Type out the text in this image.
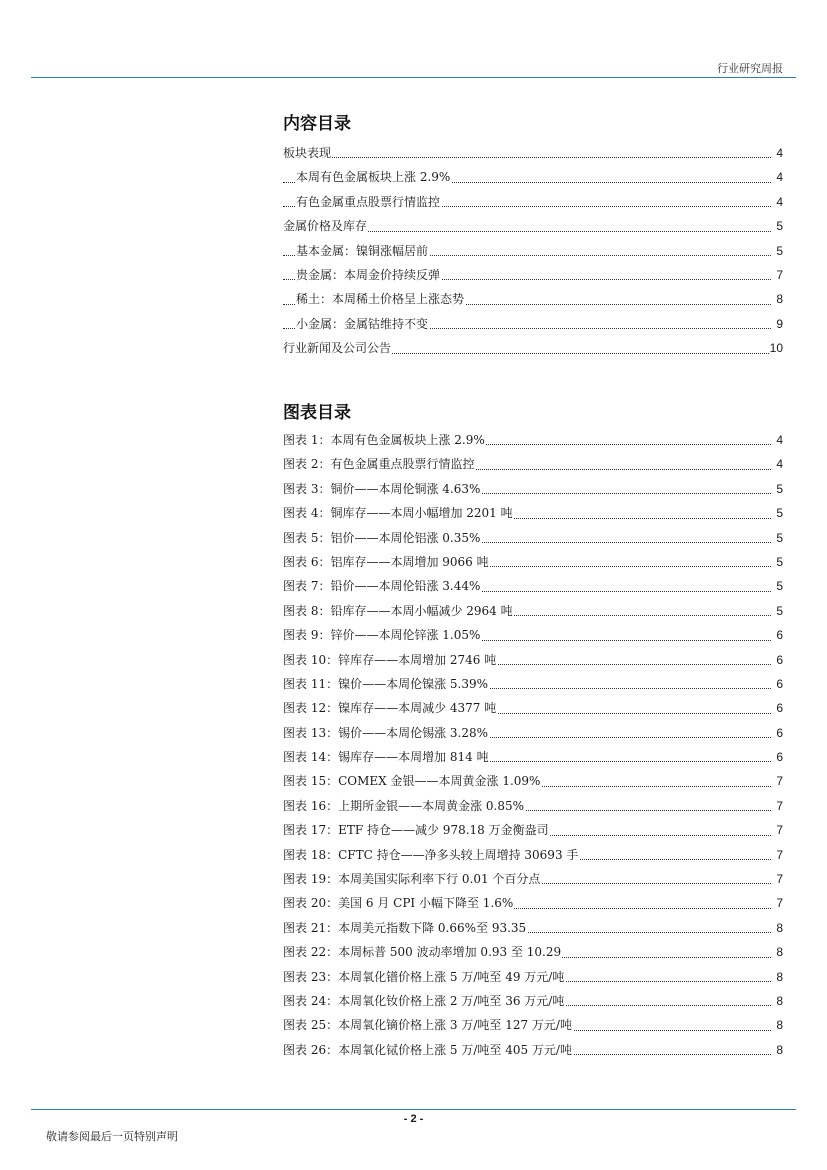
行业研究周报
内容目录
板块表现	4
本周有色金属板块上涨 2.9%	4
有色金属重点股票行情监控	4
金属价格及库存	5
基本金属：镍铜涨幅居前	5
贵金属：本周金价持续反弹	7
稀土：本周稀土价格呈上涨态势	8
小金属：金属钴维持不变	9
行业新闻及公司公告	10
图表目录
图表 1：本周有色金属板块上涨 2.9%	4
图表 2：有色金属重点股票行情监控	4
图表 3：铜价——本周伦铜涨 4.63%	5
图表 4：铜库存——本周小幅增加 2201 吨	5
图表 5：铝价——本周伦铝涨 0.35%	5
图表 6：铝库存——本周增加 9066 吨	5
图表 7：铅价——本周伦铅涨 3.44%	5
图表 8：铅库存——本周小幅减少 2964 吨	5
图表 9：锌价——本周伦锌涨 1.05%	6
图表 10：锌库存——本周增加 2746 吨	6
图表 11：镍价——本周伦镍涨 5.39%	6
图表 12：镍库存——本周减少 4377 吨	6
图表 13：锡价——本周伦锡涨 3.28%	6
图表 14：锡库存——本周增加 814 吨	6
图表 15：COMEX 金银——本周黄金涨 1.09%	7
图表 16：上期所金银——本周黄金涨 0.85%	7
图表 17：ETF 持仓——减少 978.18 万金衡盎司	7
图表 18：CFTC 持仓——净多头较上周增持 30693 手	7
图表 19：本周美国实际利率下行 0.01 个百分点	7
图表 20：美国 6 月 CPI 小幅下降至 1.6%	7
图表 21：本周美元指数下降 0.66%至 93.35	8
图表 22：本周标普 500 波动率增加 0.93 至 10.29	8
图表 23：本周氧化镨价格上涨 5 万/吨至 49 万元/吨	8
图表 24：本周氧化钕价格上涨 2 万/吨至 36 万元/吨	8
图表 25：本周氧化镝价格上涨 3 万/吨至 127 万元/吨	8
图表 26：本周氧化铽价格上涨 5 万/吨至 405 万元/吨	8
- 2 -
敬请参阅最后一页特别声明
